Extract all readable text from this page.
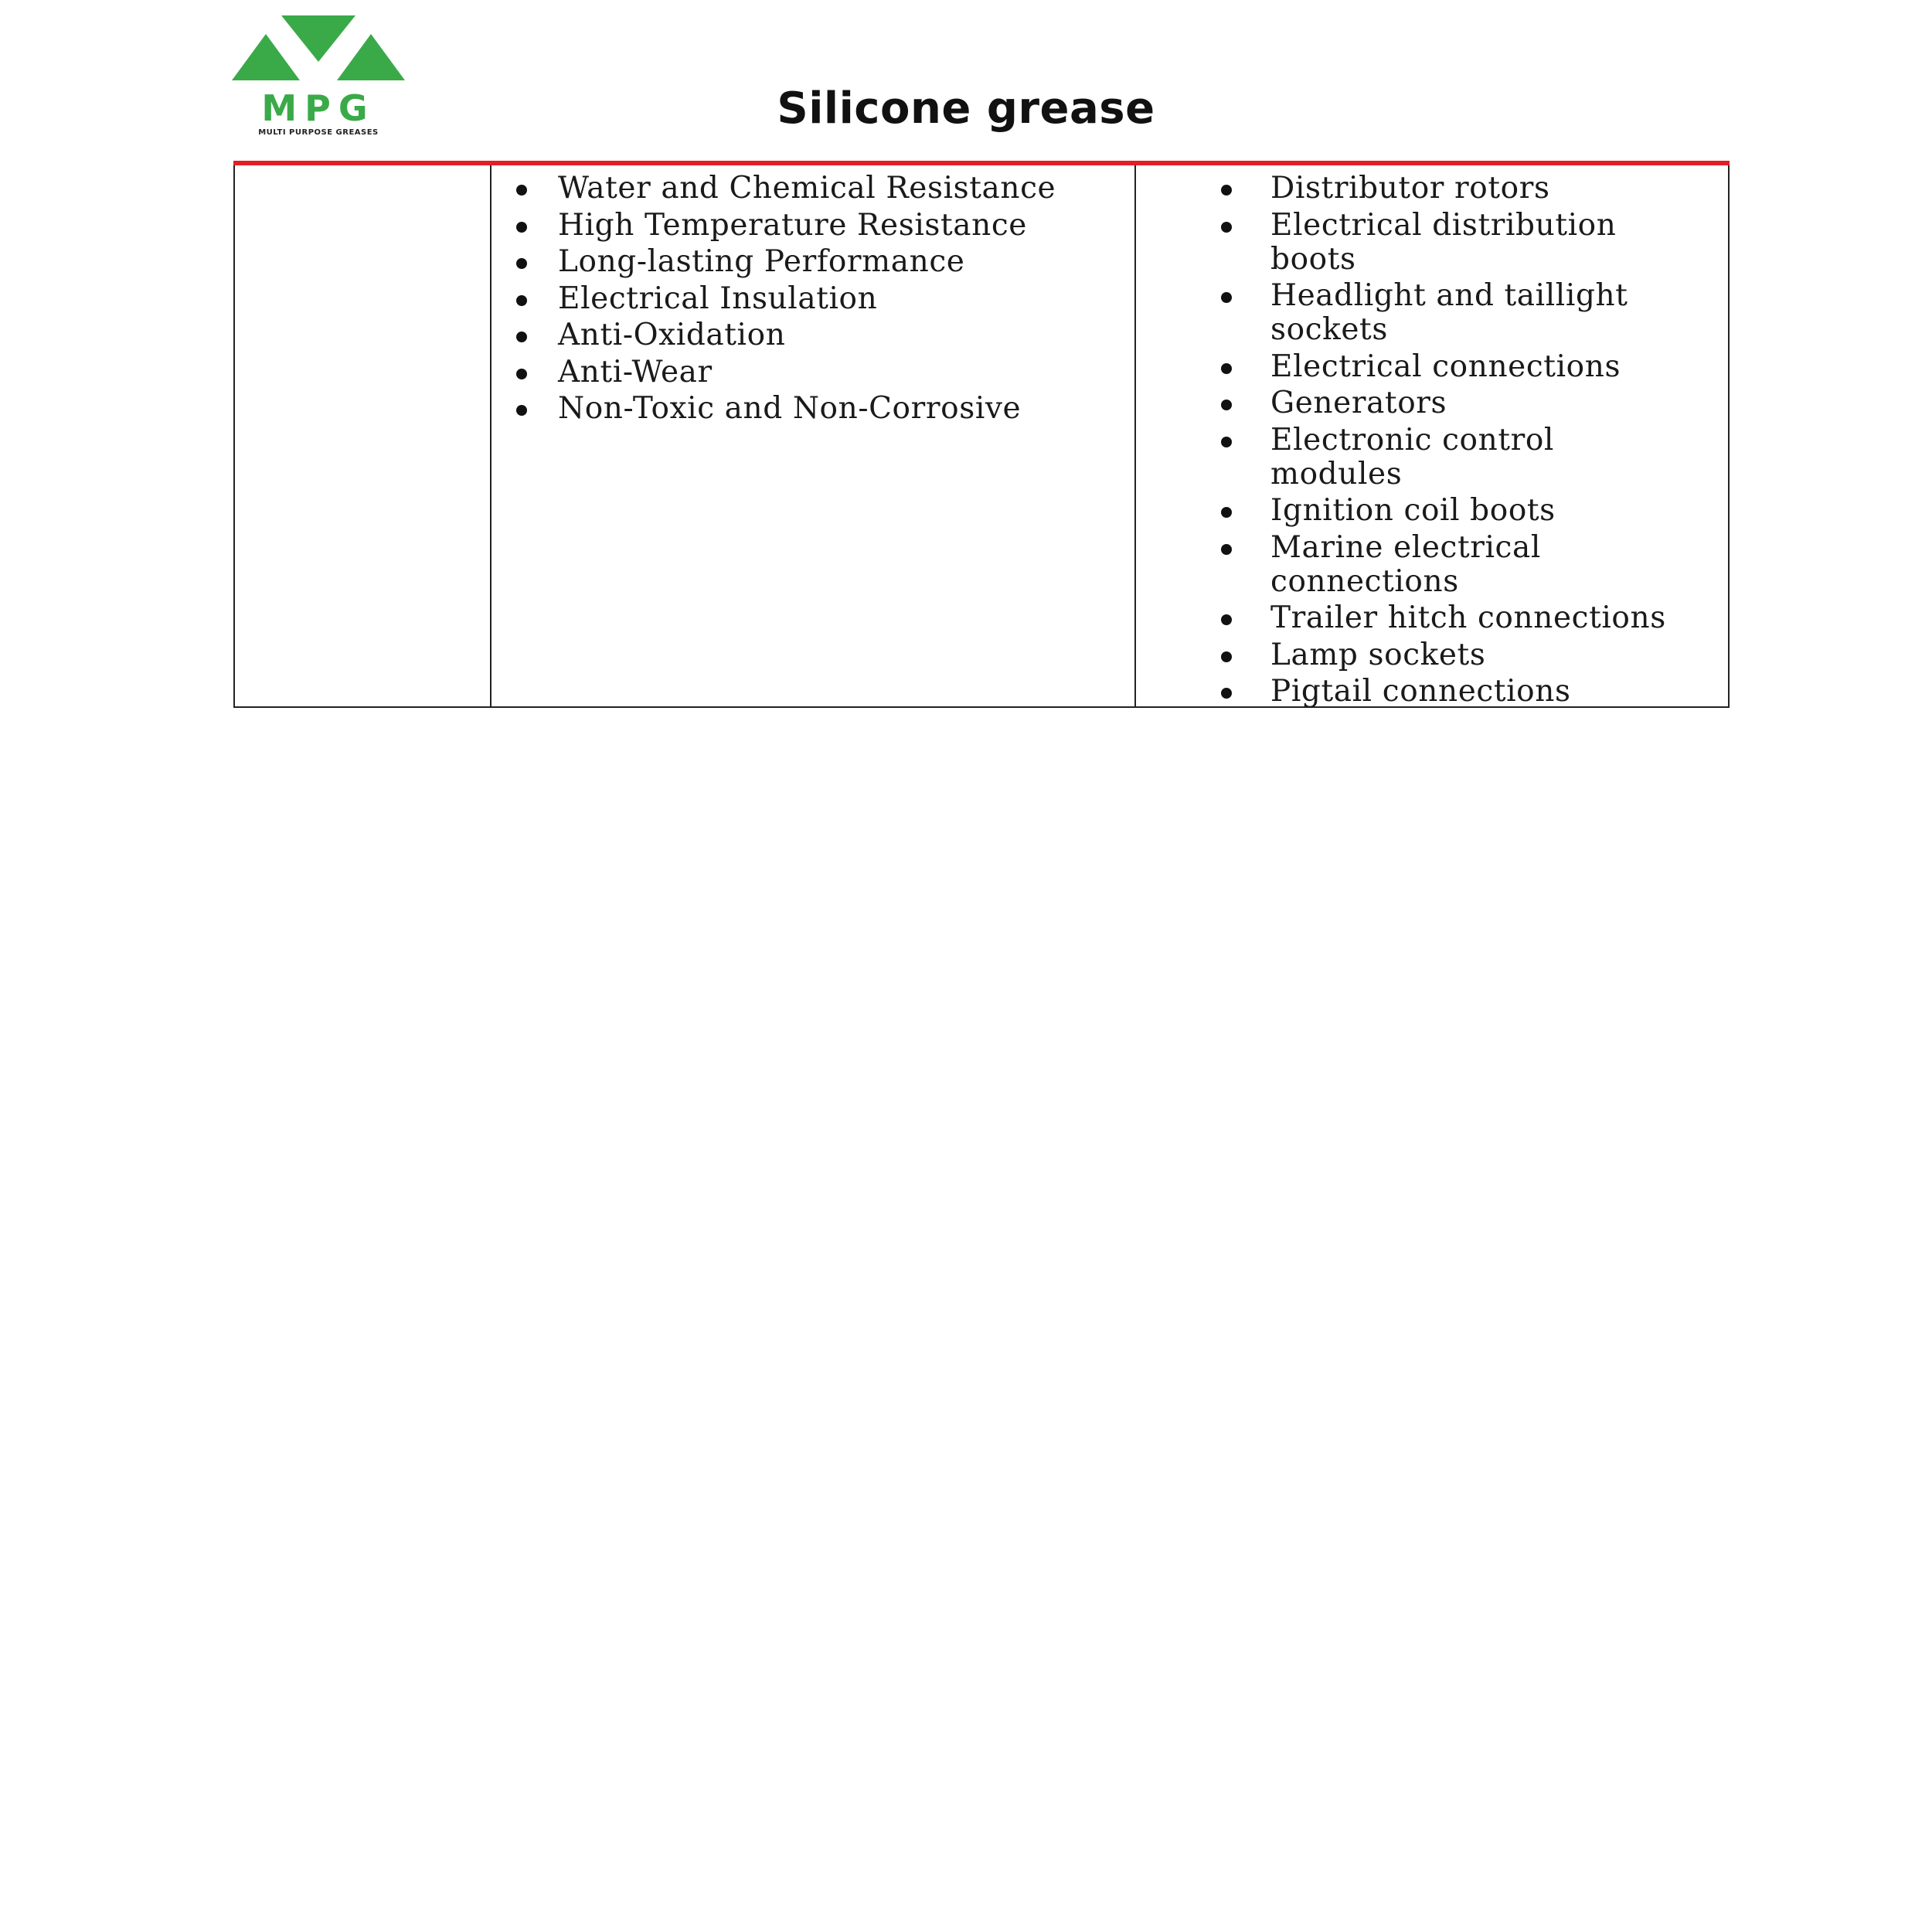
MPG
MULTI PURPOSE GREASES	Silicone grease
Water and Chemical Resistance
High Temperature Resistance
Long-lasting Performance
Electrical Insulation
Anti-Oxidation
Anti-Wear
Non-Toxic and Non-Corrosive
Distributor rotors
Electrical distribution
boots
Headlight and taillight
sockets
Electrical connections
Generators
Electronic control
modules
Ignition coil boots
Marine electrical
connections
Trailer hitch connections
Lamp sockets
Pigtail connections
